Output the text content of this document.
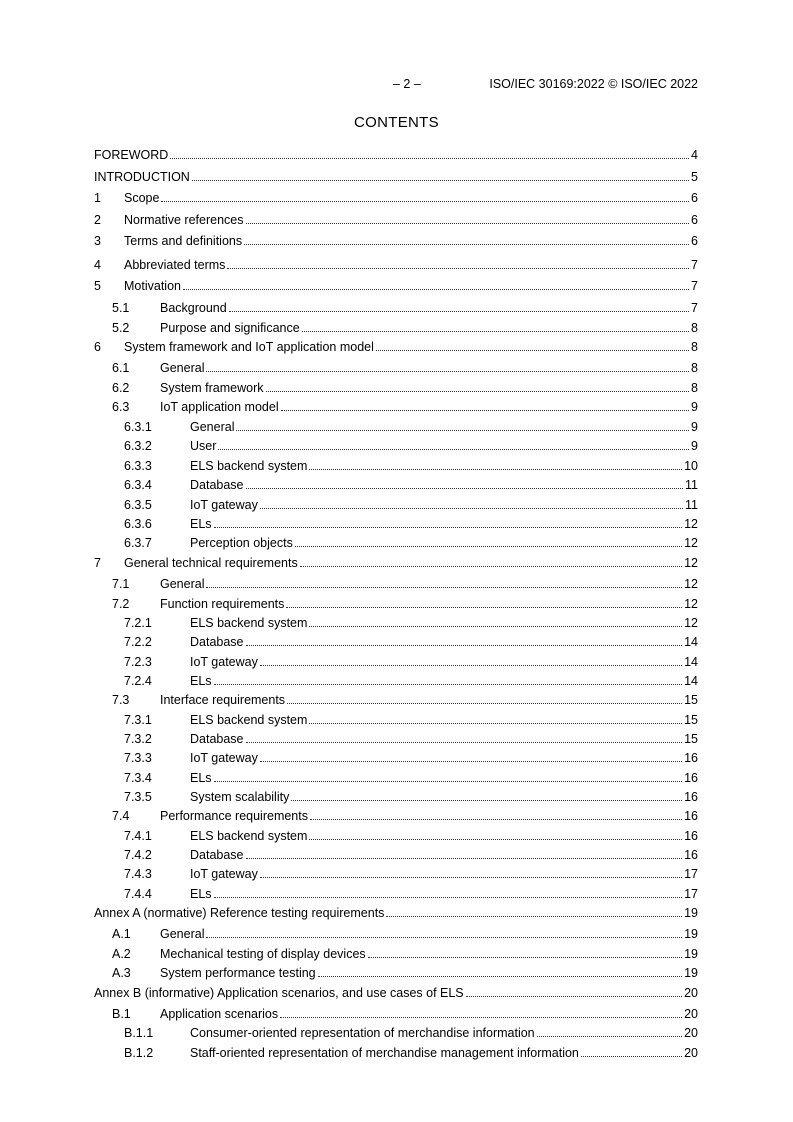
– 2 –	ISO/IEC 30169:2022 © ISO/IEC 2022
CONTENTS
FOREWORD	4
INTRODUCTION	5
1	Scope	6
2	Normative references	6
3	Terms and definitions	6
4	Abbreviated terms	7
5	Motivation	7
5.1	Background	7
5.2	Purpose and significance	8
6	System framework and IoT application model	8
6.1	General	8
6.2	System framework	8
6.3	IoT application model	9
6.3.1	General	9
6.3.2	User	9
6.3.3	ELS backend system	10
6.3.4	Database	11
6.3.5	IoT gateway	11
6.3.6	ELs	12
6.3.7	Perception objects	12
7	General technical requirements	12
7.1	General	12
7.2	Function requirements	12
7.2.1	ELS backend system	12
7.2.2	Database	14
7.2.3	IoT gateway	14
7.2.4	ELs	14
7.3	Interface requirements	15
7.3.1	ELS backend system	15
7.3.2	Database	15
7.3.3	IoT gateway	16
7.3.4	ELs	16
7.3.5	System scalability	16
7.4	Performance requirements	16
7.4.1	ELS backend system	16
7.4.2	Database	16
7.4.3	IoT gateway	17
7.4.4	ELs	17
Annex A (normative) Reference testing requirements	19
A.1	General	19
A.2	Mechanical testing of display devices	19
A.3	System performance testing	19
Annex B (informative) Application scenarios, and use cases of ELS	20
B.1	Application scenarios	20
B.1.1	Consumer-oriented representation of merchandise information	20
B.1.2	Staff-oriented representation of merchandise management information	20
